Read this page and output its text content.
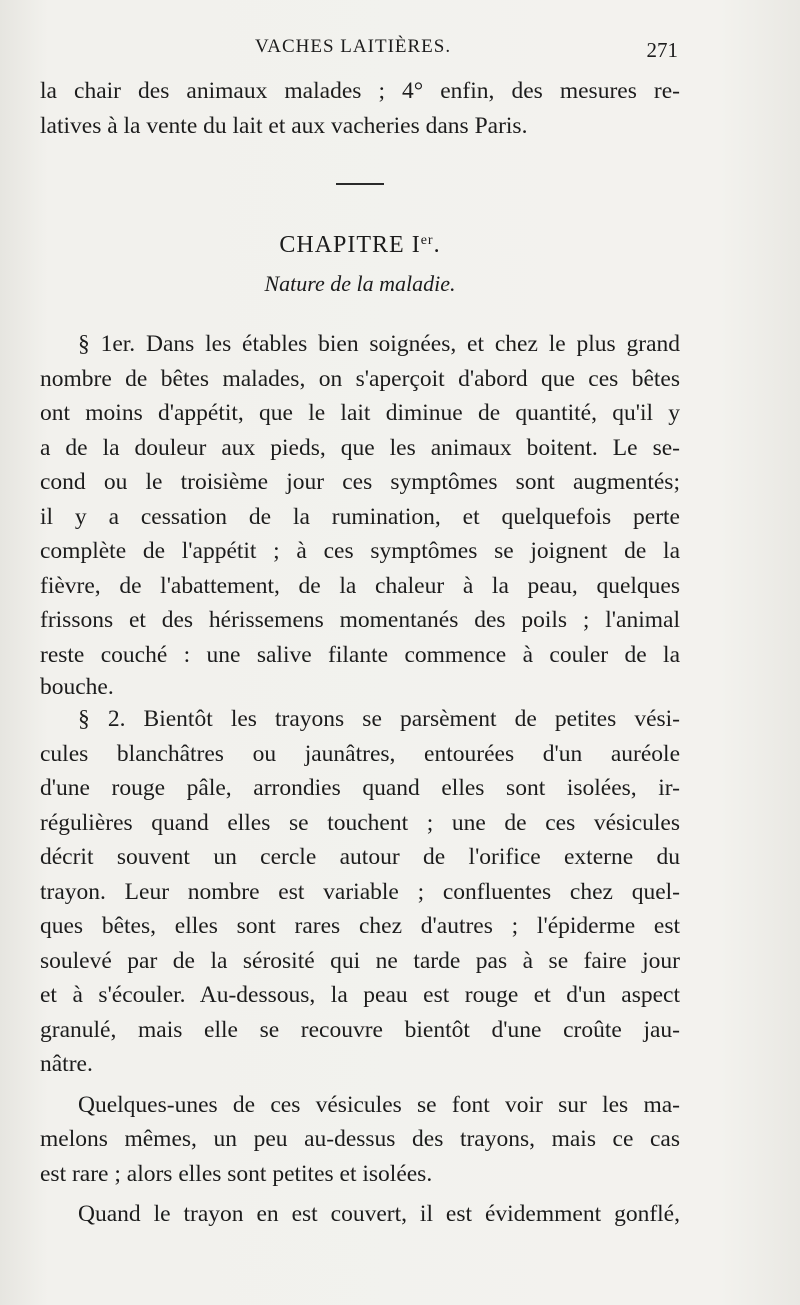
VACHES LAITIÈRES.	271

la chair des animaux malades ; 4° enfin, des mesures re-

latives à la vente du lait et aux vacheries dans Paris.

CHAPITRE Ier.
Nature de la maladie.

§ 1er. Dans les étables bien soignées, et chez le plus grand

nombre de bêtes malades, on s'aperçoit d'abord que ces bêtes

ont moins d'appétit, que le lait diminue de quantité, qu'il y

a de la douleur aux pieds, que les animaux boitent. Le se-

cond ou le troisième jour ces symptômes sont augmentés;

il y a cessation de la rumination, et quelquefois perte

complète de l'appétit ; à ces symptômes se joignent de la

fièvre, de l'abattement, de la chaleur à la peau, quelques

frissons et des hérissemens momentanés des poils ; l'animal

reste couché : une salive filante commence à couler de la

bouche.

§ 2. Bientôt les trayons se parsèment de petites vési-

cules blanchâtres ou jaunâtres, entourées d'un auréole

d'une rouge pâle, arrondies quand elles sont isolées, ir-

régulières quand elles se touchent ; une de ces vésicules

décrit souvent un cercle autour de l'orifice externe du

trayon. Leur nombre est variable ; confluentes chez quel-

ques bêtes, elles sont rares chez d'autres ; l'épiderme est

soulevé par de la sérosité qui ne tarde pas à se faire jour

et à s'écouler. Au-dessous, la peau est rouge et d'un aspect

granulé, mais elle se recouvre bientôt d'une croûte jau-

nâtre.

Quelques-unes de ces vésicules se font voir sur les ma-

melons mêmes, un peu au-dessus des trayons, mais ce cas

est rare ; alors elles sont petites et isolées.

Quand le trayon en est couvert, il est évidemment gonflé,
